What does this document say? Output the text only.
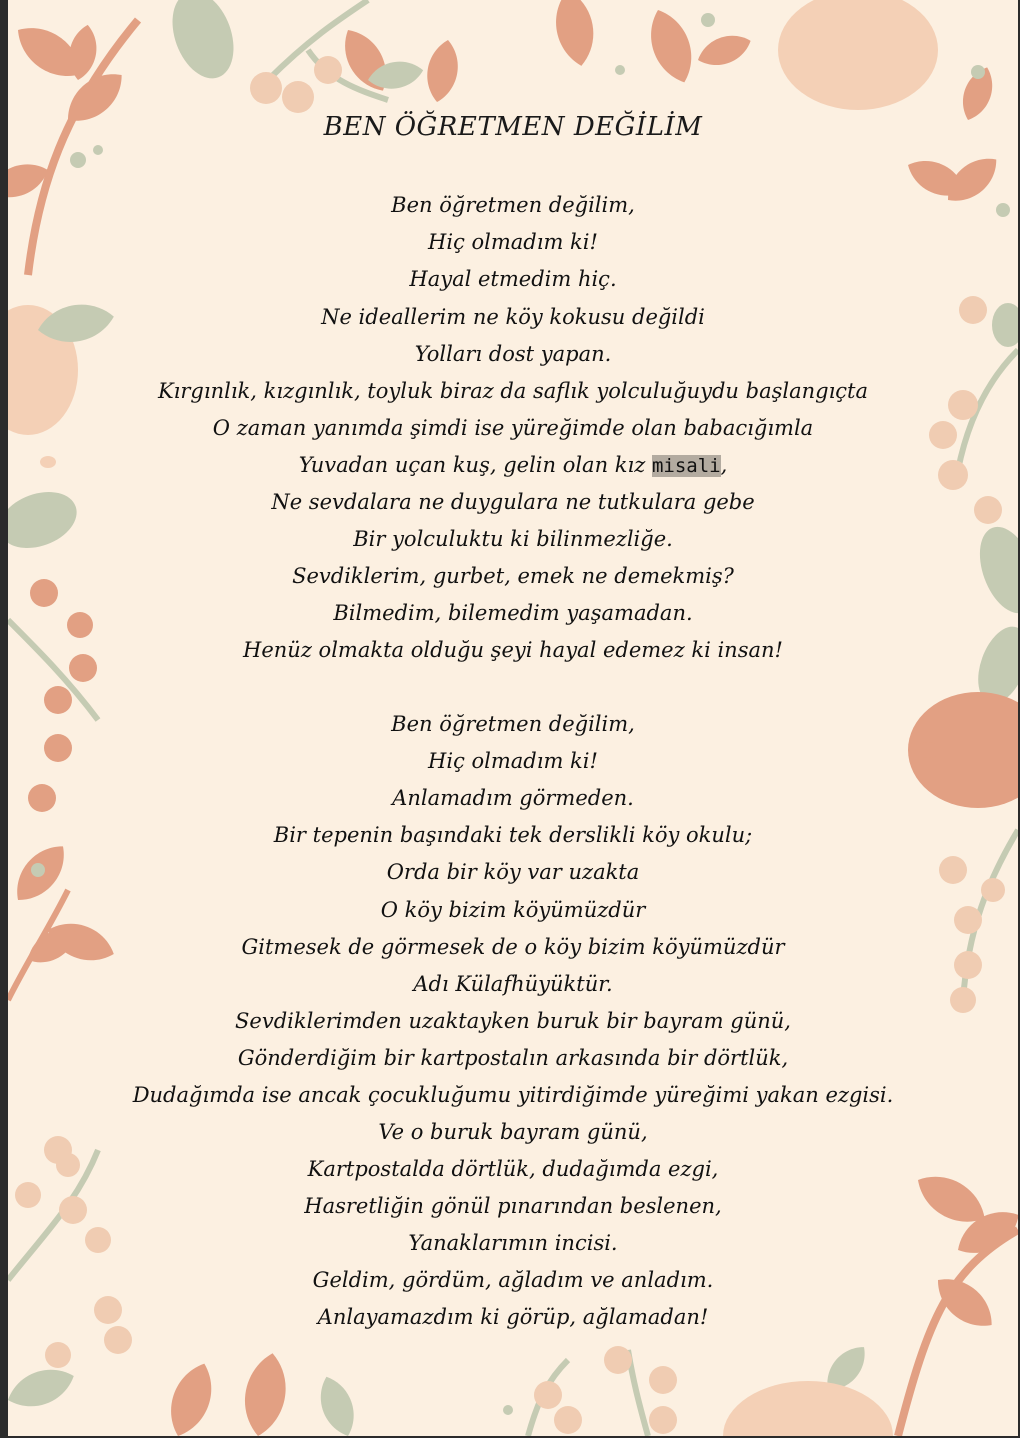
BEN ÖĞRETMEN DEĞİLİM
Ben öğretmen değilim,
Hiç olmadım ki!
Hayal etmedim hiç.
Ne ideallerim ne köy kokusu değildi
Yolları dost yapan.
Kırgınlık, kızgınlık, toyluk biraz da saflık yolculuğuydu başlangıçta
O zaman yanımda şimdi ise yüreğimde olan babacığımla
Yuvadan uçan kuş, gelin olan kız misali,
Ne sevdalara ne duygulara ne tutkulara gebe
Bir yolculuktu ki bilinmezliğe.
Sevdiklerim, gurbet, emek ne demekmiş?
Bilmedim, bilemedim yaşamadan.
Henüz olmakta olduğu şeyi hayal edemez ki insan!
Ben öğretmen değilim,
Hiç olmadım ki!
Anlamadım görmeden.
Bir tepenin başındaki tek derslikli köy okulu;
Orda bir köy var uzakta
O köy bizim köyümüzdür
Gitmesek de görmesek de o köy bizim köyümüzdür
Adı Külafhüyüktür.
Sevdiklerimden uzaktayken buruk bir bayram günü,
Gönderdiğim bir kartpostalın arkasında bir dörtlük,
Dudağımda ise ancak çocukluğumu yitirdiğimde yüreğimi yakan ezgisi.
Ve o buruk bayram günü,
Kartpostalda dörtlük, dudağımda ezgi,
Hasretliğin gönül pınarından beslenen,
Yanaklarımın incisi.
Geldim, gördüm, ağladım ve anladım.
Anlayamazdım ki görüp, ağlamadan!
